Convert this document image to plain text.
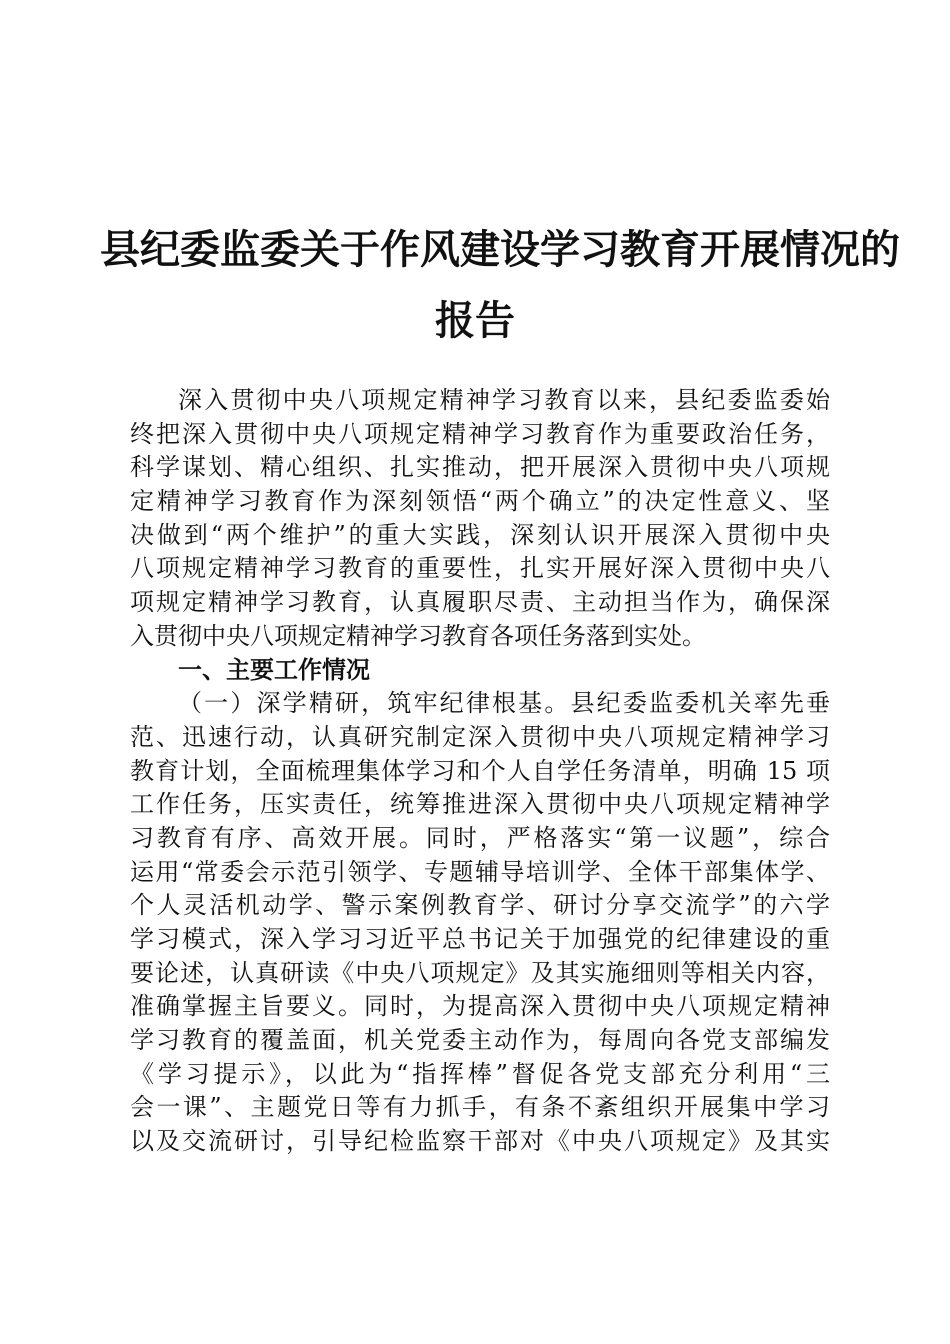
县纪委监委关于作风建设学习教育开展情况的
报告
深入贯彻中央八项规定精神学习教育以来，县纪委监委始
终把深入贯彻中央八项规定精神学习教育作为重要政治任务，
科学谋划、精心组织、扎实推动，把开展深入贯彻中央八项规
定精神学习教育作为深刻领悟“两个确立”的决定性意义、坚
决做到“两个维护”的重大实践，深刻认识开展深入贯彻中央
八项规定精神学习教育的重要性，扎实开展好深入贯彻中央八
项规定精神学习教育，认真履职尽责、主动担当作为，确保深
入贯彻中央八项规定精神学习教育各项任务落到实处。
一、主要工作情况
（一）深学精研，筑牢纪律根基。县纪委监委机关率先垂
范、迅速行动，认真研究制定深入贯彻中央八项规定精神学习
教育计划，全面梳理集体学习和个人自学任务清单，明确 15 项
工作任务，压实责任，统筹推进深入贯彻中央八项规定精神学
习教育有序、高效开展。同时，严格落实“第一议题”，综合
运用“常委会示范引领学、专题辅导培训学、全体干部集体学、
个人灵活机动学、警示案例教育学、研讨分享交流学”的六学
学习模式，深入学习习近平总书记关于加强党的纪律建设的重
要论述，认真研读《中央八项规定》及其实施细则等相关内容，
准确掌握主旨要义。同时，为提高深入贯彻中央八项规定精神
学习教育的覆盖面，机关党委主动作为，每周向各党支部编发
《学习提示》，以此为“指挥棒”督促各党支部充分利用“三
会一课”、主题党日等有力抓手，有条不紊组织开展集中学习
以及交流研讨，引导纪检监察干部对《中央八项规定》及其实
